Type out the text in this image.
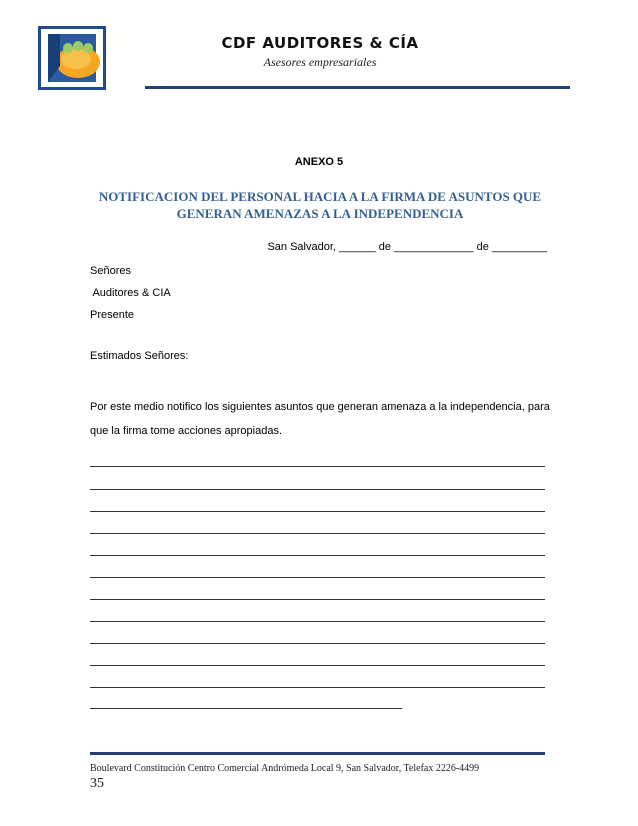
CDF AUDITORES & CÍA
Asesores empresariales
ANEXO 5
NOTIFICACION DEL PERSONAL HACIA A LA FIRMA DE ASUNTOS QUE
GENERAN AMENAZAS A LA INDEPENDENCIA
San Salvador, ______ de _____________ de _________
Señores
Auditores & CIA
Presente
Estimados Señores:
Por este medio notifico los siguientes asuntos que generan amenaza a la independencia, para que la firma tome acciones apropiadas.
Boulevard Constitución Centro Comercial Andrómeda Local 9, San Salvador, Telefax 2226-4499
35
